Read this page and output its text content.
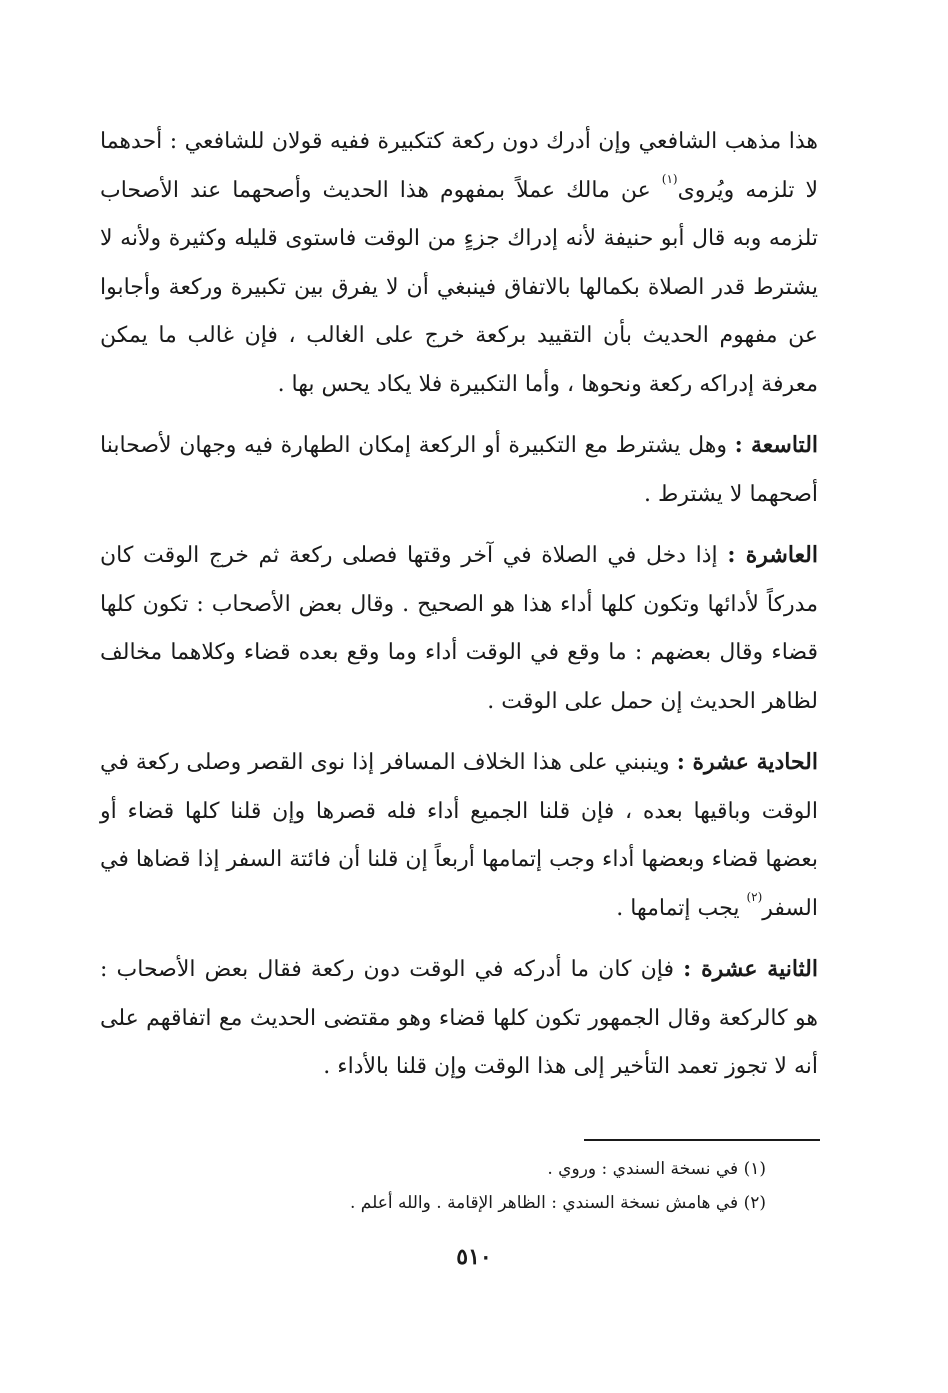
هذا مذهب الشافعي وإن أدرك دون ركعة كتكبيرة ففيه قولان للشافعي : أحدهما لا تلزمه ويُروى$^{(١)}$ عن مالك عملاً بمفهوم هذا الحديث وأصحهما عند الأصحاب تلزمه وبه قال أبو حنيفة لأنه إدراك جزءٍ من الوقت فاستوى قليله وكثيرة ولأنه لا يشترط قدر الصلاة بكمالها بالاتفاق فينبغي أن لا يفرق بين تكبيرة وركعة وأجابوا عن مفهوم الحديث بأن التقييد بركعة خرج على الغالب ، فإن غالب ما يمكن معرفة إدراكه ركعة ونحوها ، وأما التكبيرة فلا يكاد يحس بها .

التاسعة : وهل يشترط مع التكبيرة أو الركعة إمكان الطهارة فيه وجهان لأصحابنا أصحهما لا يشترط .

العاشرة : إذا دخل في الصلاة في آخر وقتها فصلى ركعة ثم خرج الوقت كان مدركاً لأدائها وتكون كلها أداء هذا هو الصحيح . وقال بعض الأصحاب : تكون كلها قضاء وقال بعضهم : ما وقع في الوقت أداء وما وقع بعده قضاء وكلاهما مخالف لظاهر الحديث إن حمل على الوقت .

الحادية عشرة : وينبني على هذا الخلاف المسافر إذا نوى القصر وصلى ركعة في الوقت وباقيها بعده ، فإن قلنا الجميع أداء فله قصرها وإن قلنا كلها قضاء أو بعضها قضاء وبعضها أداء وجب إتمامها أربعاً إن قلنا أن فائتة السفر إذا قضاها في السفر$^{(٢)}$ يجب إتمامها .

الثانية عشرة : فإن كان ما أدركه في الوقت دون ركعة فقال بعض الأصحاب : هو كالركعة وقال الجمهور تكون كلها قضاء وهو مقتضى الحديث مع اتفاقهم على أنه لا تجوز تعمد التأخير إلى هذا الوقت وإن قلنا بالأداء .

(١) في نسخة السندي : وروي .
(٢) في هامش نسخة السندي : الظاهر الإقامة . والله أعلم .
٥١٠
